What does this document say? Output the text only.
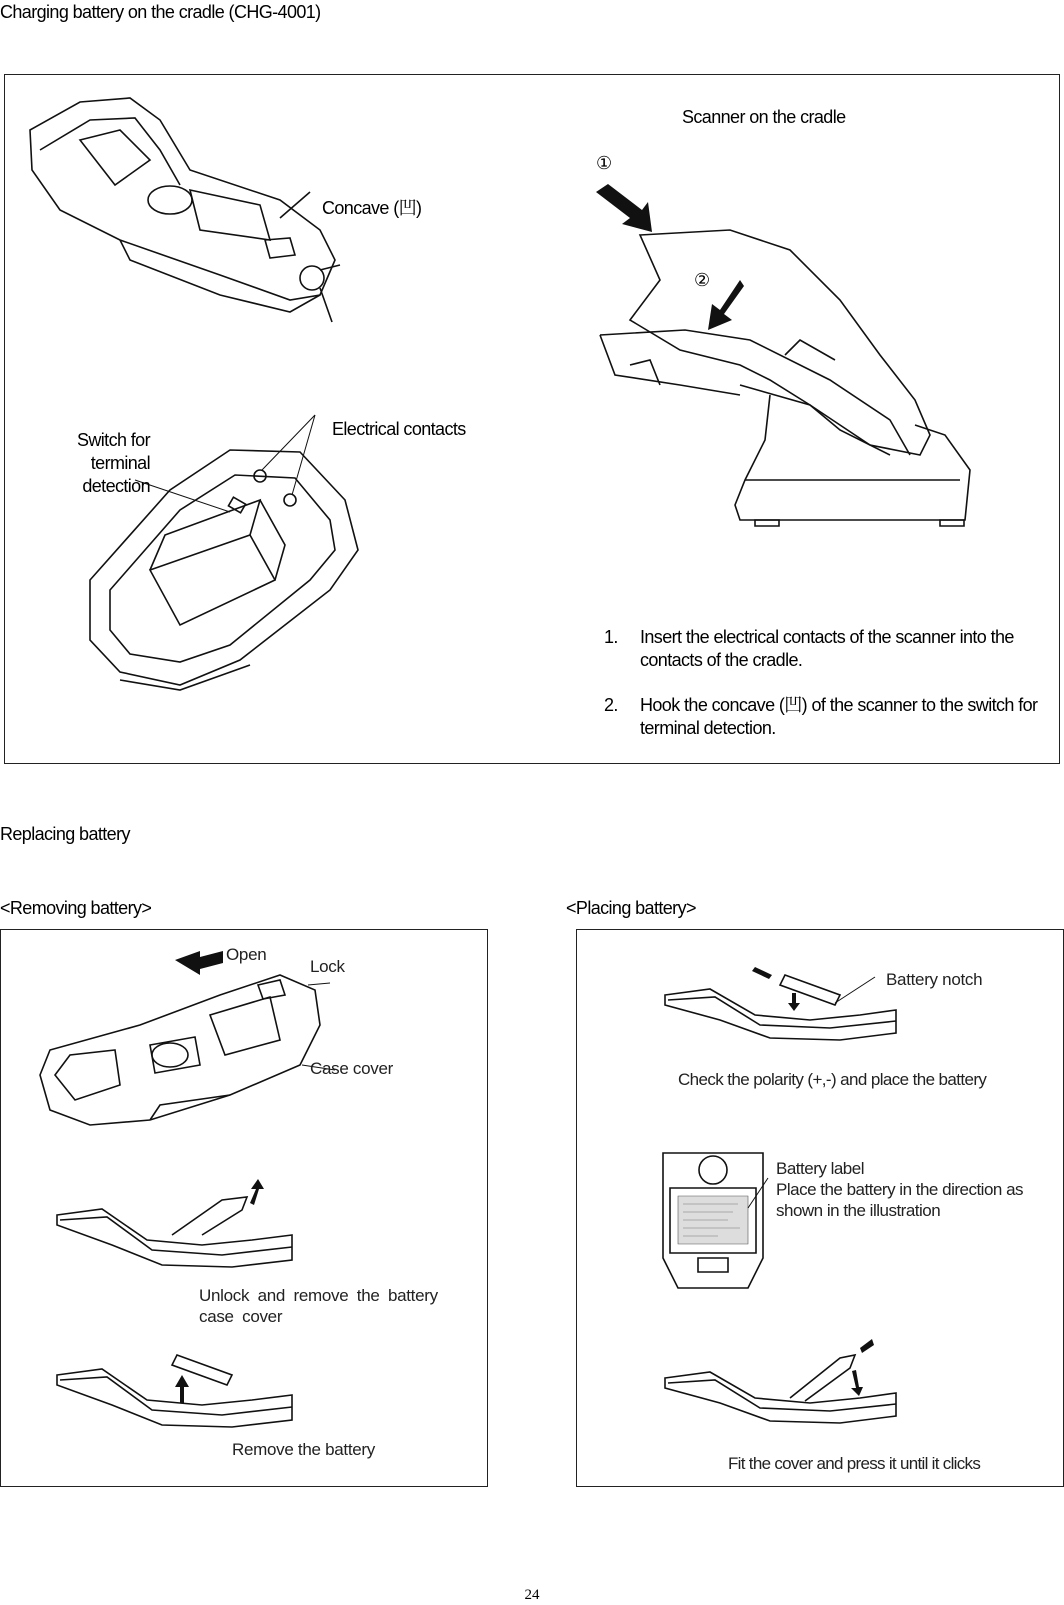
Charging battery on the cradle (CHG-4001)
①
②
Scanner on the cradle
Concave (凹)
Electrical contacts
Switch for terminal detection
1. Insert the electrical contacts of the scanner into the contacts of the cradle.
2. Hook the concave (凹) of the scanner to the switch for terminal detection.
Replacing battery
<Removing battery>	<Placing battery>
Open
Lock
Case cover
Unlock and remove the battery case cover
Remove the battery
Battery notch
Check the polarity (+,-) and place the battery
Battery label
Place the battery in the direction as shown in the illustration
Fit the cover and press it until it clicks
24
